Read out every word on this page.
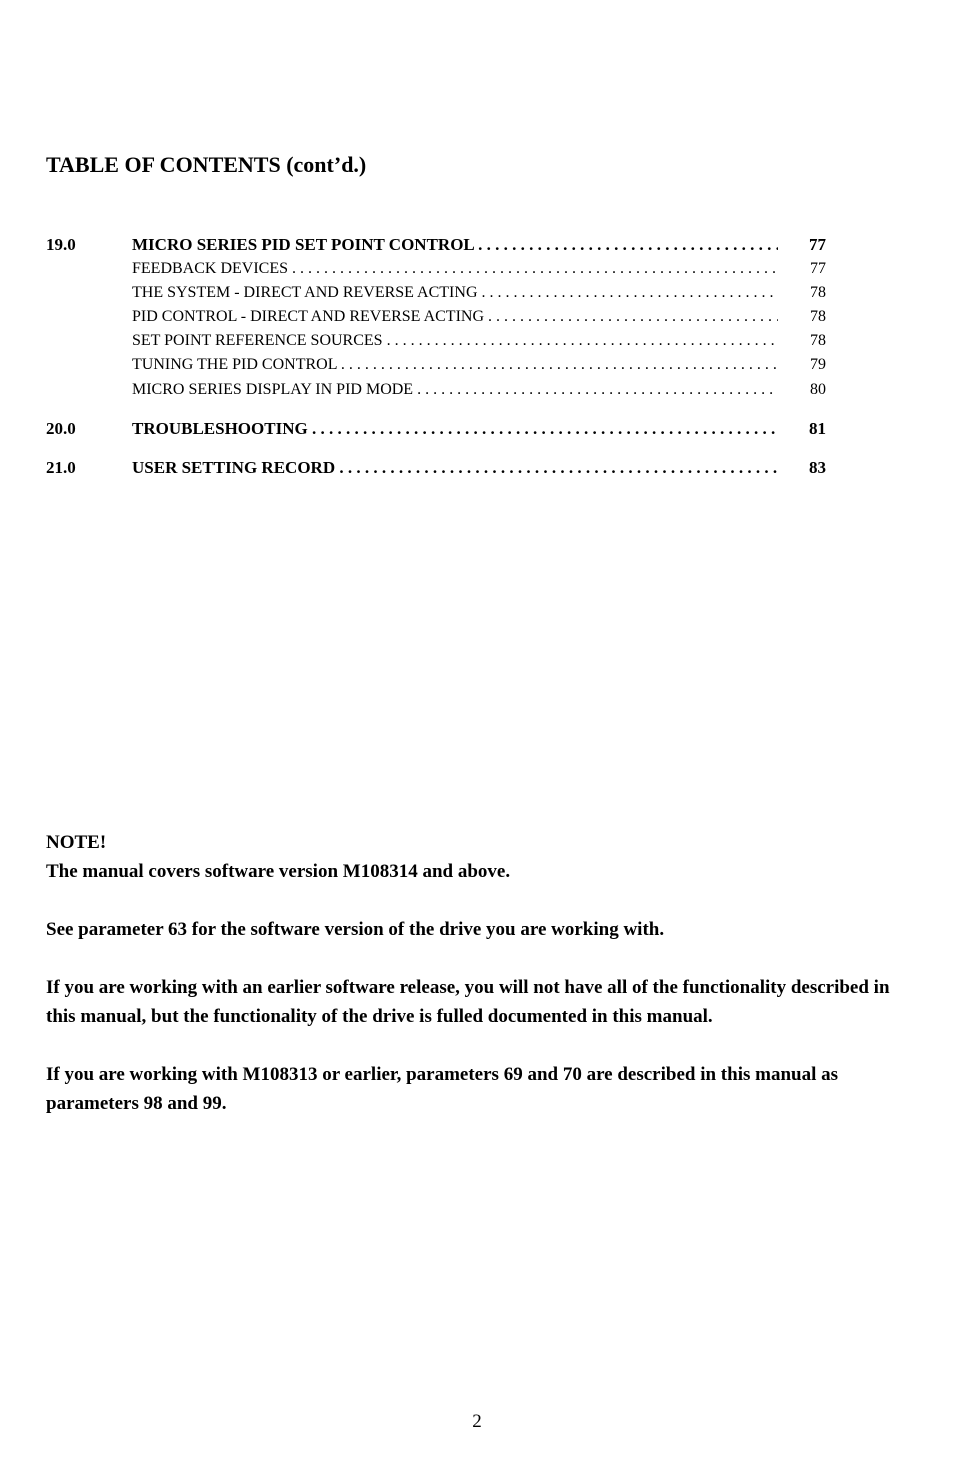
TABLE OF CONTENTS (cont’d.)
19.0	MICRO SERIES PID SET POINT CONTROL . . .	77
FEEDBACK DEVICES . . .	77
THE SYSTEM - DIRECT AND REVERSE ACTING . . .	78
PID CONTROL - DIRECT AND REVERSE ACTING . . .	78
SET POINT REFERENCE SOURCES . . .	78
TUNING THE PID CONTROL . . .	79
MICRO SERIES DISPLAY IN PID MODE . . .	80
20.0	TROUBLESHOOTING . . .	81
21.0	USER SETTING RECORD . . .	83

NOTE!

The manual covers software version M108314 and above.

See parameter 63 for the software version of the drive you are working with.

If you are working with an earlier software release, you will not have all of the functionality described in this manual, but the functionality of the drive is fulled documented in this manual.

If you are working with M108313 or earlier, parameters 69 and 70 are described in this manual as parameters 98 and 99.

2
